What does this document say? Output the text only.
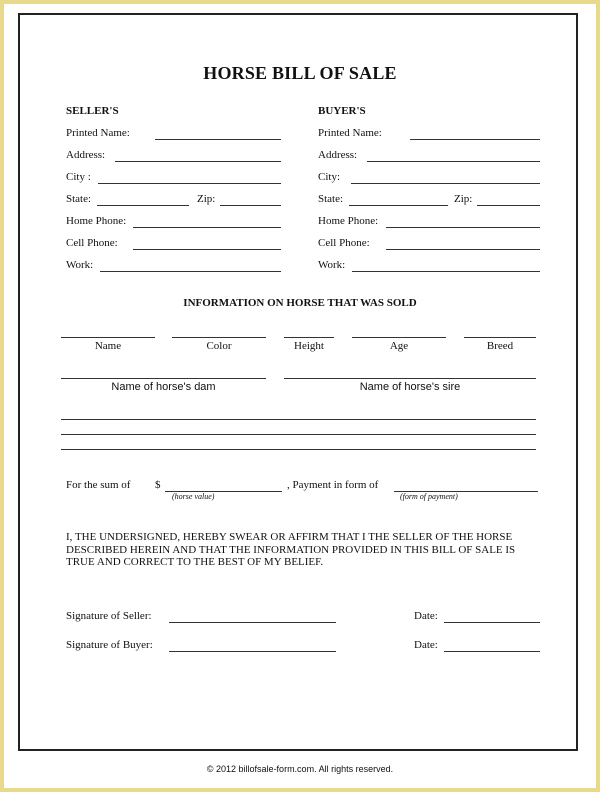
HORSE BILL OF SALE
SELLER'S
Printed Name:
Address:
City :
State:	Zip:
Home Phone:
Cell Phone:
Work:
BUYER'S
Printed Name:
Address:
City:
State:	Zip:
Home Phone:
Cell Phone:
Work:
INFORMATION ON HORSE THAT WAS SOLD
Name	Color	Height	Age	Breed
Name of horse's dam	Name of horse's sire
For the sum of $
(horse value)
, Payment in form of
(form of payment)
I, THE UNDERSIGNED, HEREBY SWEAR OR AFFIRM THAT I THE SELLER OF THE HORSE DESCRIBED HEREIN AND THAT THE INFORMATION PROVIDED IN THIS BILL OF SALE IS TRUE AND CORRECT TO THE BEST OF MY BELIEF.
Signature of Seller:	Date:
Signature of Buyer:	Date:
© 2012 billofsale-form.com. All rights reserved.
